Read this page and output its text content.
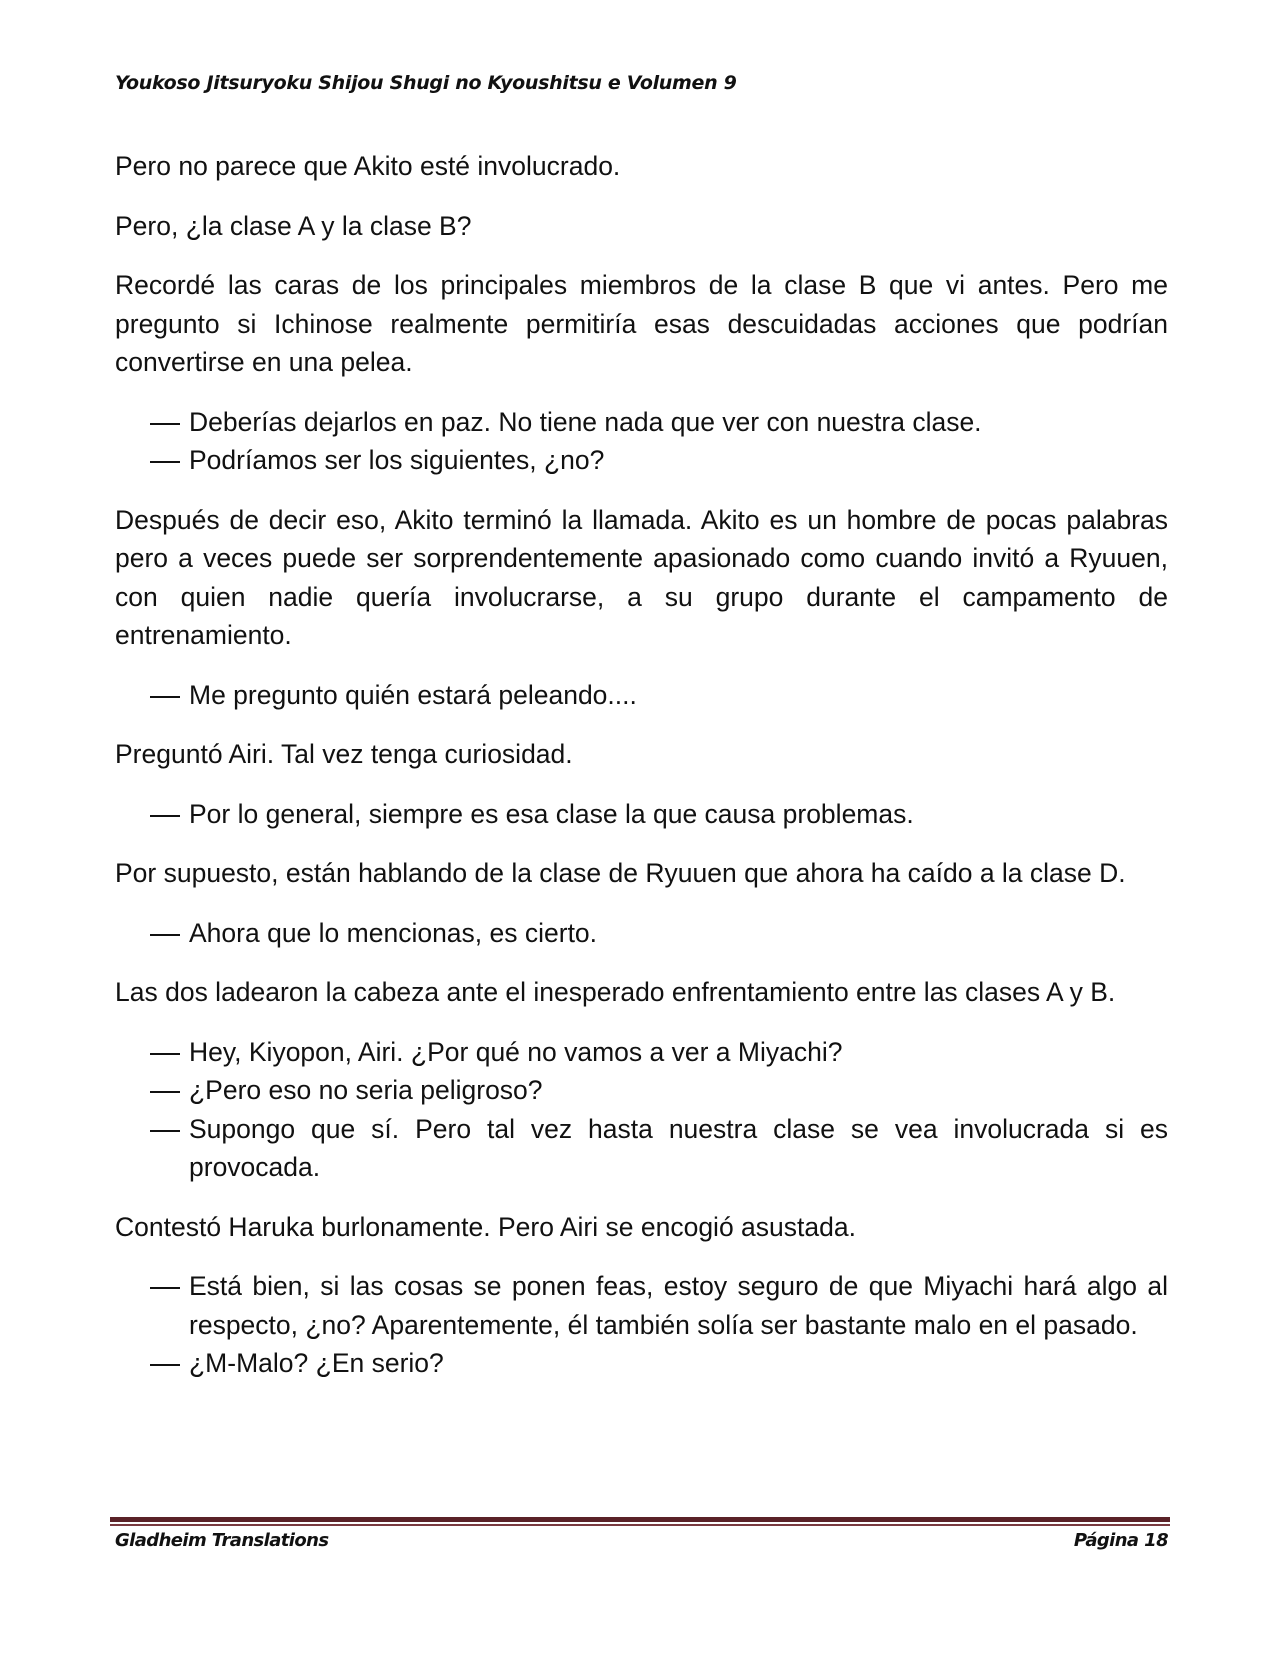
Youkoso Jitsuryoku Shijou Shugi no Kyoushitsu e Volumen 9

Pero no parece que Akito esté involucrado.

Pero, ¿la clase A y la clase B?

Recordé las caras de los principales miembros de la clase B que vi antes. Pero me pregunto si Ichinose realmente permitiría esas descuidadas acciones que podrían convertirse en una pelea.

Deberías dejarlos en paz. No tiene nada que ver con nuestra clase.
Podríamos ser los siguientes, ¿no?

Después de decir eso, Akito terminó la llamada. Akito es un hombre de pocas palabras pero a veces puede ser sorprendentemente apasionado como cuando invitó a Ryuuen, con quien nadie quería involucrarse, a su grupo durante el campamento de entrenamiento.

Me pregunto quién estará peleando....

Preguntó Airi. Tal vez tenga curiosidad.

Por lo general, siempre es esa clase la que causa problemas.

Por supuesto, están hablando de la clase de Ryuuen que ahora ha caído a la clase D.

Ahora que lo mencionas, es cierto.

Las dos ladearon la cabeza ante el inesperado enfrentamiento entre las clases A y B.

Hey, Kiyopon, Airi. ¿Por qué no vamos a ver a Miyachi?
¿Pero eso no seria peligroso?
Supongo que sí. Pero tal vez hasta nuestra clase se vea involucrada si es provocada.

Contestó Haruka burlonamente. Pero Airi se encogió asustada.

Está bien, si las cosas se ponen feas, estoy seguro de que Miyachi hará algo al respecto, ¿no? Aparentemente, él también solía ser bastante malo en el pasado.
¿M-Malo? ¿En serio?
Gladheim Translations	Página 18
